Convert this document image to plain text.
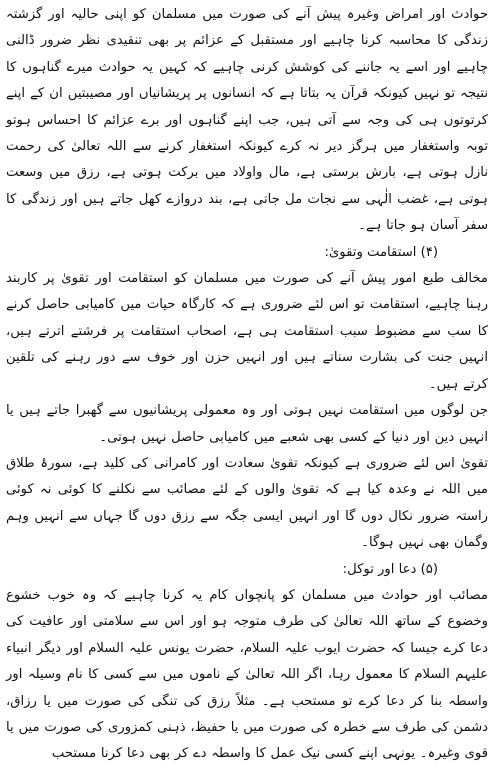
حوادث اور امراض وغیرہ پیش آنے کی صورت میں مسلمان کو اپنی حالیہ اور گزشتہ زندگی کا محاسبہ کرنا چاہیے اور مستقبل کے عزائم پر بھی تنقیدی نظر ضرور ڈالنی چاہیے اور اسے یہ جاننے کی کوشش کرنی چاہیے کہ کہیں یہ حوادث میرے گناہوں کا نتیجہ تو نہیں کیونکہ قرآن یہ بتاتا ہے کہ انسانوں پر پریشانیاں اور مصیبتیں ان کے اپنے کرتوتوں ہی کی وجہ سے آتی ہیں، جب اپنے گناہوں اور برے عزائم کا احساس ہوتو توبہ واستغفار میں ہرگز دیر نہ کرے کیونکہ استغفار کرنے سے اللہ تعالیٰ کی رحمت نازل ہوتی ہے، بارش برستی ہے، مال واولاد میں برکت ہوتی ہے، رزق میں وسعت ہوتی ہے، غضب الٰہی سے نجات مل جاتی ہے، بند دروازے کھل جاتے ہیں اور زندگی کا سفر آسان ہو جاتا ہے۔

(۴) استقامت وتقویٰ:

مخالف طبع امور پیش آنے کی صورت میں مسلمان کو استقامت اور تقویٰ پر کاربند رہنا چاہیے، استقامت تو اس لئے ضروری ہے کہ کارگاہ حیات میں کامیابی حاصل کرنے کا سب سے مضبوط سبب استقامت ہی ہے، اصحاب استقامت پر فرشتے اترتے ہیں، انہیں جنت کی بشارت سناتے ہیں اور انہیں حزن اور خوف سے دور رہنے کی تلقین کرتے ہیں۔

جن لوگوں میں استقامت نہیں ہوتی اور وہ معمولی پریشانیوں سے گھبرا جاتے ہیں یا انہیں دین اور دنیا کے کسی بھی شعبے میں کامیابی حاصل نہیں ہوتی۔

تقویٰ اس لئے ضروری ہے کیونکہ تقویٰ سعادت اور کامرانی کی کلید ہے، سورۂ طلاق میں اللہ نے وعدہ کیا ہے کہ تقویٰ والوں کے لئے مصائب سے نکلنے کا کوئی نہ کوئی راستہ ضرور نکال دوں گا اور انہیں ایسی جگہ سے رزق دوں گا جہاں سے انہیں وہم وگمان بھی نہیں ہوگا۔

(۵) دعا اور توکل:

مصائب اور حوادث میں مسلمان کو پانچواں کام یہ کرنا چاہیے کہ وہ خوب خشوع وخضوع کے ساتھ اللہ تعالیٰ کی طرف متوجہ ہو اور اس سے سلامتی اور عافیت کی دعا کرے جیسا کہ حضرت ایوب علیہ السلام، حضرت یونس علیہ السلام اور دیگر انبیاء علیہم السلام کا معمول رہا، اگر اللہ تعالیٰ کے ناموں میں سے کسی کا نام وسیلہ اور واسطہ بنا کر دعا کرے تو مستحب ہے۔ مثلاً رزق کی تنگی کی صورت میں یا رزاق، دشمن کی طرف سے خطرہ کی صورت میں یا حفیظ، ذہنی کمزوری کی صورت میں یا قوی وغیرہ۔ یونہی اپنے کسی نیک عمل کا واسطہ دے کر بھی دعا کرنا مستحب
